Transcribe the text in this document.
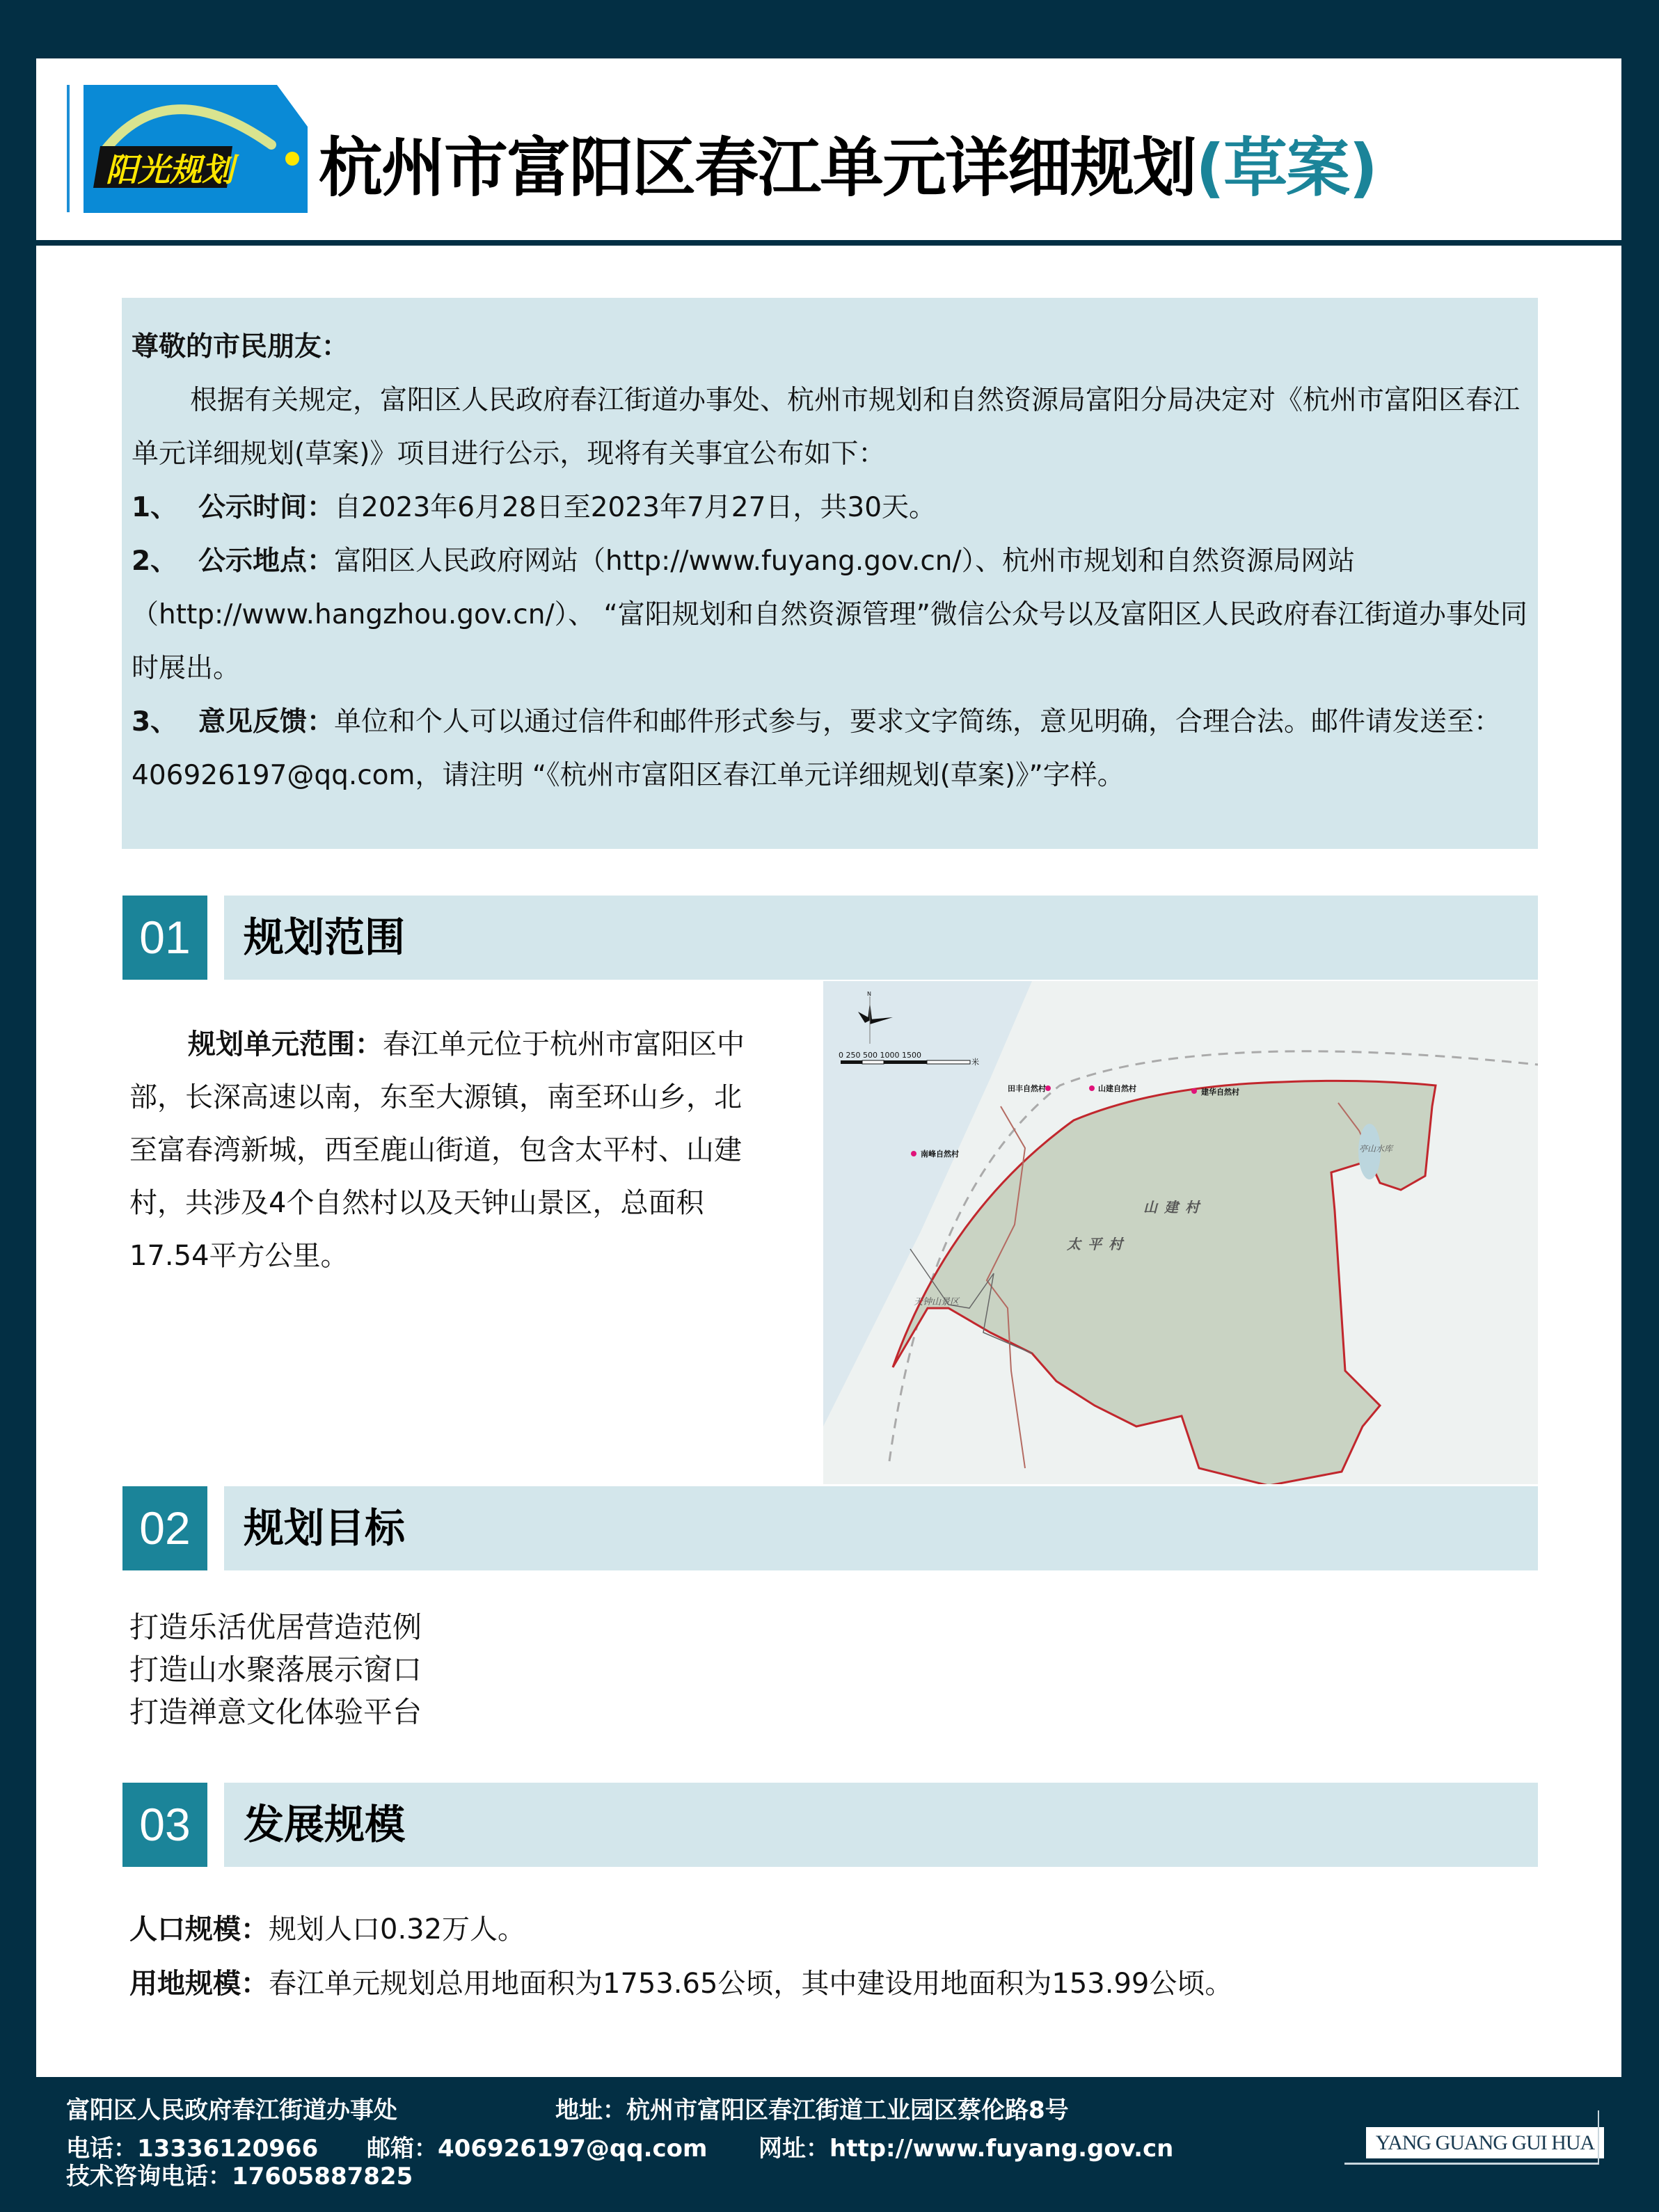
阳光规划 杭州市富阳区春江单元详细规划(草案)

尊敬的市民朋友：

根据有关规定，富阳区人民政府春江街道办事处、杭州市规划和自然资源局富阳分局决定对《杭州市富阳区春江单元详细规划(草案)》项目进行公示，现将有关事宜公布如下：

1、 公示时间：自2023年6月28日至2023年7月27日，共30天。

2、 公示地点：富阳区人民政府网站（http://www.fuyang.gov.cn/）、杭州市规划和自然资源局网站（http://www.hangzhou.gov.cn/）、 “富阳规划和自然资源管理”微信公众号以及富阳区人民政府春江街道办事处同时展出。

3、 意见反馈：单位和个人可以通过信件和邮件形式参与，要求文字简练，意见明确，合理合法。邮件请发送至：406926197@qq.com，请注明 “《杭州市富阳区春江单元详细规划(草案)》”字样。

01	规划范围
规划单元范围：春江单元位于杭州市富阳区中部，长深高速以南，东至大源镇，南至环山乡，北至富春湾新城，西至鹿山街道，包含太平村、山建村，共涉及4个自然村以及天钟山景区，总面积17.54平方公里。
N
0 250 500 1000 1500
米
山建村
太平村
天钟山景区
亭山水库
田丰自然村	山建自然村	建华自然村
南峰自然村
02	规划目标
打造乐活优居营造范例
打造山水聚落展示窗口
打造禅意文化体验平台
03	发展规模
人口规模：规划人口0.32万人。
用地规模：春江单元规划总用地面积为1753.65公顷，其中建设用地面积为153.99公顷。
富阳区人民政府春江街道办事处	地址：杭州市富阳区春江街道工业园区蔡伦路8号
电话：13336120966 邮箱：406926197@qq.com 网址：http://www.fuyang.gov.cn
技术咨询电话：17605887825
YANG GUANG GUI HUA
